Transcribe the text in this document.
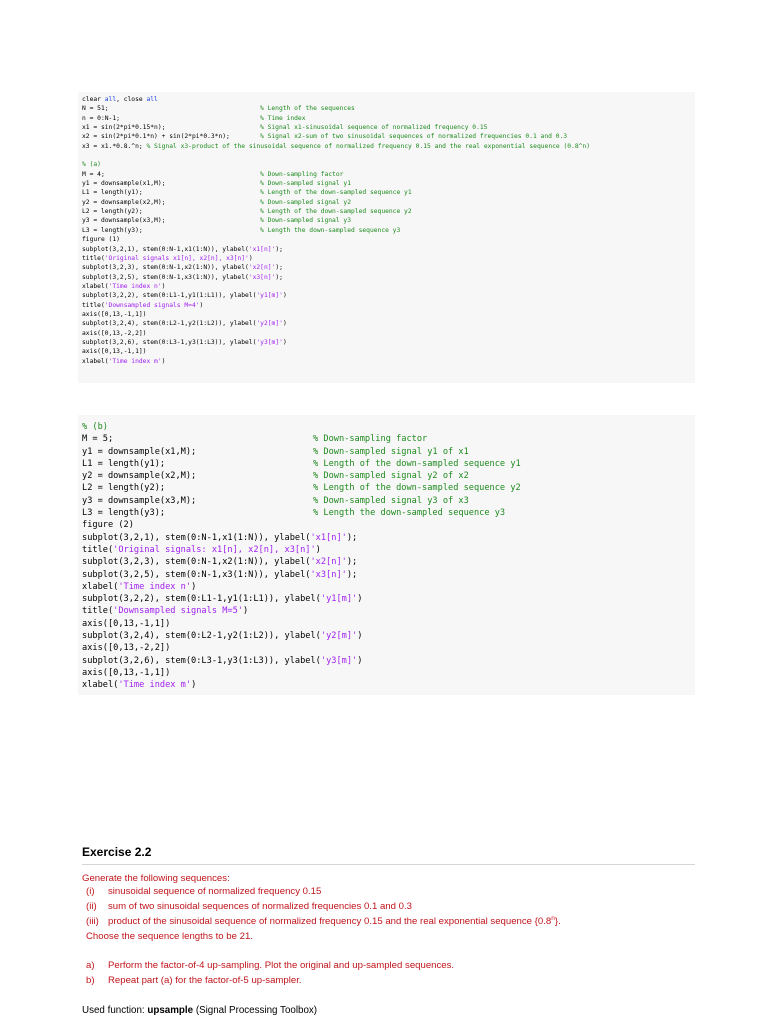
clear all, close all
N = 51;	% Length of the sequences
n = 0:N-1;	% Time index
x1 = sin(2*pi*0.15*n);	% Signal x1-sinusoidal sequence of normalized frequency 0.15
x2 = sin(2*pi*0.1*n) + sin(2*pi*0.3*n);	% Signal x2-sum of two sinusoidal sequences of normalized frequencies 0.1 and 0.3
x3 = x1.*0.8.^n; % Signal x3-product of the sinusoidal sequence of normalized frequency 0.15 and the real exponential sequence (0.8^n)
% (a)
M = 4;	% Down-sampling factor
y1 = downsample(x1,M);	% Down-sampled signal y1
L1 = length(y1);	% Length of the down-sampled sequence y1
y2 = downsample(x2,M);	% Down-sampled signal y2
L2 = length(y2);	% Length of the down-sampled sequence y2
y3 = downsample(x3,M);	% Down-sampled signal y3
L3 = length(y3);	% Length the down-sampled sequence y3
figure (1)
subplot(3,2,1), stem(0:N-1,x1(1:N)), ylabel('x1[n]');
title('Original signals x1[n], x2[n], x3[n]')
subplot(3,2,3), stem(0:N-1,x2(1:N)), ylabel('x2[n]');
subplot(3,2,5), stem(0:N-1,x3(1:N)), ylabel('x3[n]');
xlabel('Time index n')
subplot(3,2,2), stem(0:L1-1,y1(1:L1)), ylabel('y1[m]')
title('Downsampled signals M=4')
axis([0,13,-1,1])
subplot(3,2,4), stem(0:L2-1,y2(1:L2)), ylabel('y2[m]')
axis([0,13,-2,2])
subplot(3,2,6), stem(0:L3-1,y3(1:L3)), ylabel('y3[m]')
axis([0,13,-1,1])
xlabel('Time index m')
% (b)
M = 5;	% Down-sampling factor
y1 = downsample(x1,M);	% Down-sampled signal y1 of x1
L1 = length(y1);	% Length of the down-sampled sequence y1
y2 = downsample(x2,M);	% Down-sampled signal y2 of x2
L2 = length(y2);	% Length of the down-sampled sequence y2
y3 = downsample(x3,M);	% Down-sampled signal y3 of x3
L3 = length(y3);	% Length the down-sampled sequence y3
figure (2)
subplot(3,2,1), stem(0:N-1,x1(1:N)), ylabel('x1[n]');
title('Original signals: x1[n], x2[n], x3[n]')
subplot(3,2,3), stem(0:N-1,x2(1:N)), ylabel('x2[n]');
subplot(3,2,5), stem(0:N-1,x3(1:N)), ylabel('x3[n]');
xlabel('Time index n')
subplot(3,2,2), stem(0:L1-1,y1(1:L1)), ylabel('y1[m]')
title('Downsampled signals M=5')
axis([0,13,-1,1])
subplot(3,2,4), stem(0:L2-1,y2(1:L2)), ylabel('y2[m]')
axis([0,13,-2,2])
subplot(3,2,6), stem(0:L3-1,y3(1:L3)), ylabel('y3[m]')
axis([0,13,-1,1])
xlabel('Time index m')
Exercise 2.2
Generate the following sequences:
(i)	sinusoidal sequence of normalized frequency 0.15
(ii)	sum of two sinusoidal sequences of normalized frequencies 0.1 and 0.3
(iii) product of the sinusoidal sequence of normalized frequency 0.15 and the real exponential sequence {0.8$^n$}.
Choose the sequence lengths to be 21.
a)	Perform the factor-of-4 up-sampling. Plot the original and up-sampled sequences.
b)	Repeat part (a) for the factor-of-5 up-sampler.
Used function: upsample (Signal Processing Toolbox)
